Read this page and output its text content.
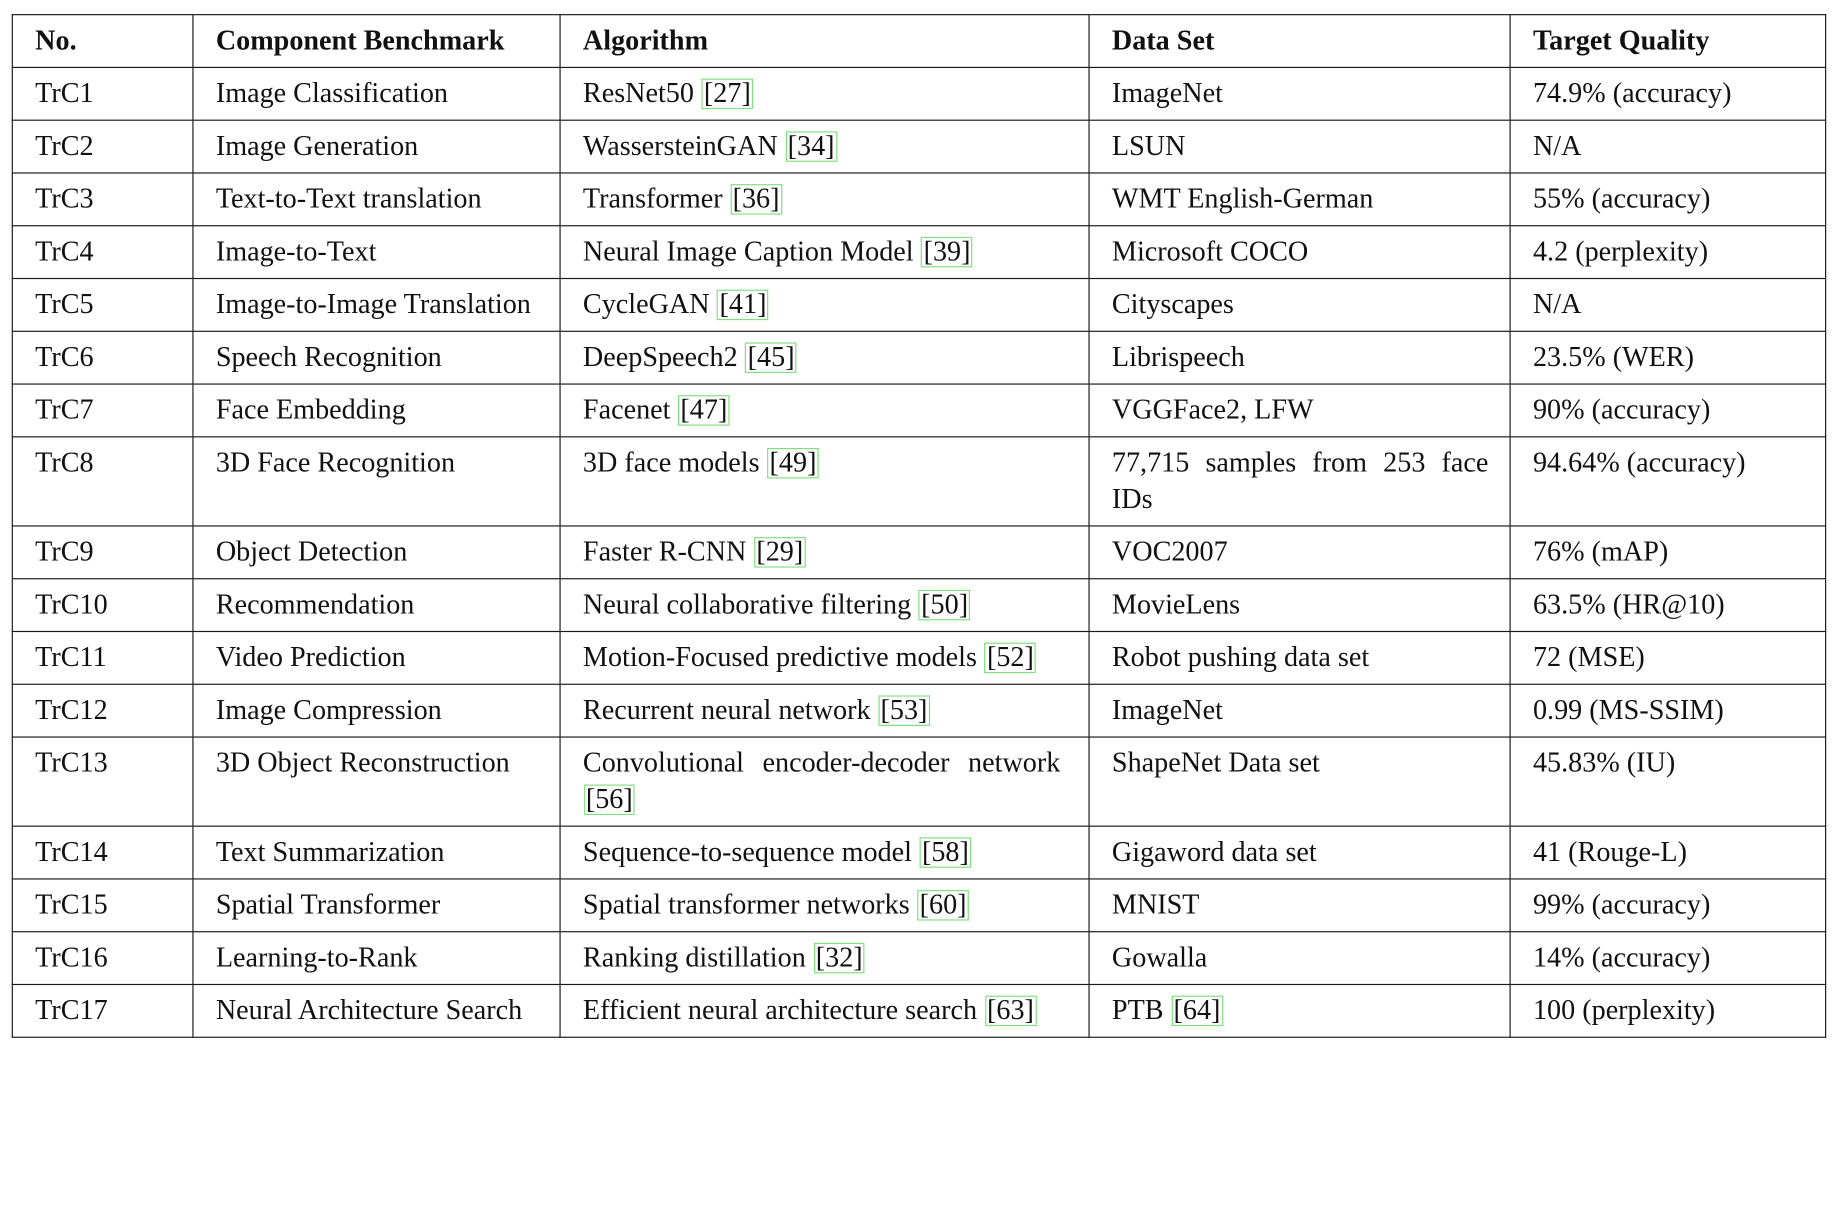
No.	Component Benchmark	Algorithm	Data Set	Target Quality
TrC1	Image Classification	ResNet50 [27]	ImageNet	74.9% (accuracy)
TrC2	Image Generation	WassersteinGAN [34]	LSUN	N/A
TrC3	Text-to-Text translation	Transformer [36]	WMT English-German	55% (accuracy)
TrC4	Image-to-Text	Neural Image Caption Model [39]	Microsoft COCO	4.2 (perplexity)
TrC5	Image-to-Image Translation	CycleGAN [41]	Cityscapes	N/A
TrC6	Speech Recognition	DeepSpeech2 [45]	Librispeech	23.5% (WER)
TrC7	Face Embedding	Facenet [47]	VGGFace2, LFW	90% (accuracy)
TrC8	3D Face Recognition	3D face models [49]	77,715 samples from 253 face IDs	94.64% (accuracy)
TrC9	Object Detection	Faster R-CNN [29]	VOC2007	76% (mAP)
TrC10	Recommendation	Neural collaborative filtering [50]	MovieLens	63.5% (HR@10)
TrC11	Video Prediction	Motion-Focused predictive models [52]	Robot pushing data set	72 (MSE)
TrC12	Image Compression	Recurrent neural network [53]	ImageNet	0.99 (MS-SSIM)
TrC13	3D Object Reconstruction	Convolutional encoder-decoder network [56]	ShapeNet Data set	45.83% (IU)
TrC14	Text Summarization	Sequence-to-sequence model [58]	Gigaword data set	41 (Rouge-L)
TrC15	Spatial Transformer	Spatial transformer networks [60]	MNIST	99% (accuracy)
TrC16	Learning-to-Rank	Ranking distillation [32]	Gowalla	14% (accuracy)
TrC17	Neural Architecture Search	Efficient neural architecture search [63]	PTB [64]	100 (perplexity)
